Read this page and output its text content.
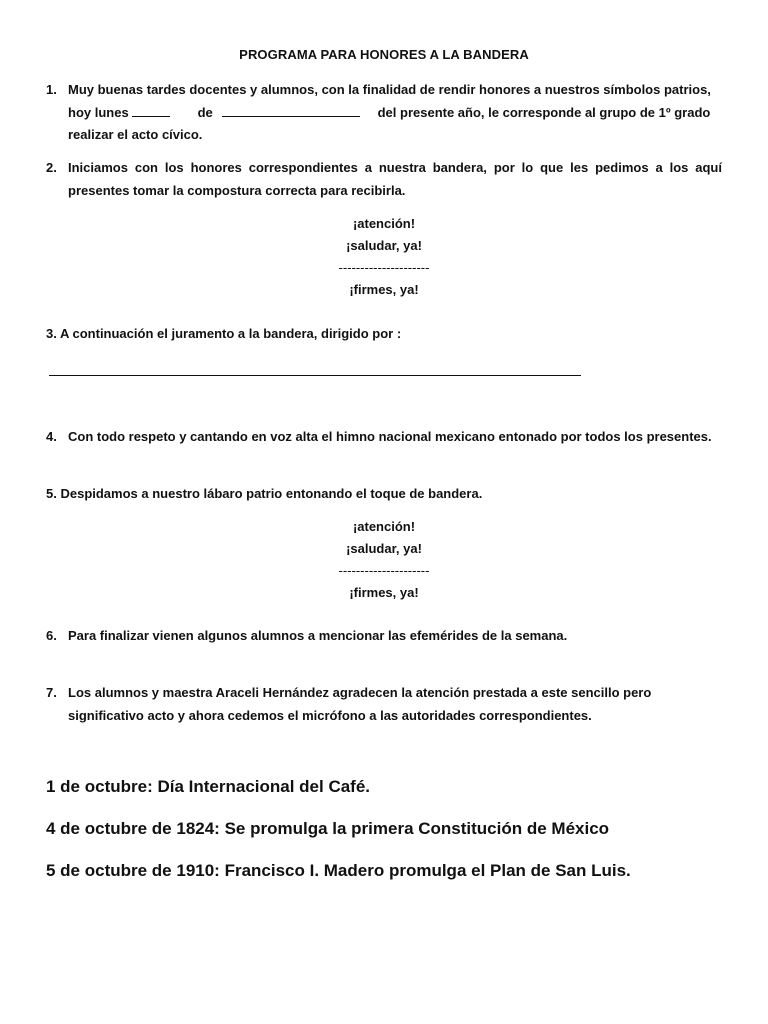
PROGRAMA PARA HONORES A LA BANDERA
1. Muy buenas tardes docentes y alumnos, con la finalidad de rendir honores a nuestros símbolos patrios,
hoy lunes	de	del presente año, le corresponde al grupo de 1º grado
realizar el acto cívico.
2. Iniciamos con los honores correspondientes a nuestra bandera, por lo que les pedimos a los aquí presentes tomar la compostura correcta para recibirla.
¡atención!
¡saludar, ya!
---------------------
¡firmes, ya!
3. A continuación el juramento a la bandera, dirigido por :
4. Con todo respeto y cantando en voz alta el himno nacional mexicano entonado por todos los presentes.
5. Despidamos a nuestro lábaro patrio entonando el toque de bandera.
¡atención!
¡saludar, ya!
---------------------
¡firmes, ya!
6. Para finalizar vienen algunos alumnos a mencionar las efemérides de la semana.
7. Los alumnos y maestra Araceli Hernández agradecen la atención prestada a este sencillo pero significativo acto y ahora cedemos el micrófono a las autoridades correspondientes.
1 de octubre: Día Internacional del Café.
4 de octubre de 1824: Se promulga la primera Constitución de México
5 de octubre de 1910: Francisco I. Madero promulga el Plan de San Luis.
